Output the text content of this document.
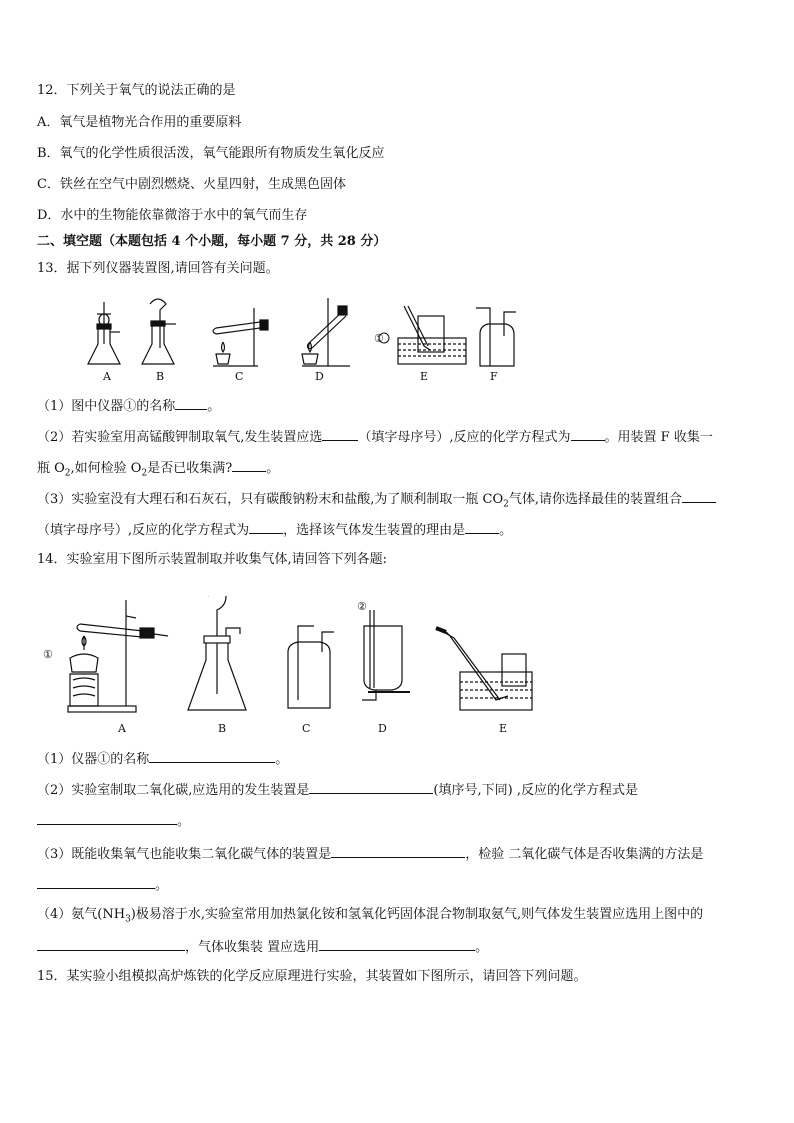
12．下列关于氧气的说法正确的是
A．氧气是植物光合作用的重要原料
B．氧气的化学性质很活泼，氧气能跟所有物质发生氧化反应
C．铁丝在空气中剧烈燃烧、火星四射，生成黑色固体
D．水中的生物能依靠微溶于水中的氧气而生存
二、填空题（本题包括 4 个小题，每小题 7 分，共 28 分）
13．据下列仪器装置图,请回答有关问题。
①
A	B	C	D	E	F
（1）图中仪器①的名称 。
（2）若实验室用高锰酸钾制取氧气,发生装置应选	（填字母序号）,反应的化学方程式为	。用装置 F 收集一
瓶 $O_2$,如何检验 $O_2$是否已收集满?	。
（3）实验室没有大理石和石灰石，只有碳酸钠粉末和盐酸,为了顺利制取一瓶 $CO_2$气体,请你选择最佳的装置组合
（填字母序号）,反应的化学方程式为	，选择该气体发生装置的理由是	。
14．实验室用下图所示装置制取并收集气体,请回答下列各题:
①
②
A	B	C	D	E
（1）仪器①的名称	。
（2）实验室制取二氧化碳,应选用的发生装置是	(填序号,下同) ,反应的化学方程式是
。
（3）既能收集氧气也能收集二氧化碳气体的装置是	，检验 二氧化碳气体是否收集满的方法是
。
（4）氨气$(NH_3)$极易溶于水,实验室常用加热氯化铵和氢氧化钙固体混合物制取氨气,则气体发生装置应选用上图中的
，气体收集装 置应选用	。
15．某实验小组模拟高炉炼铁的化学反应原理进行实验，其装置如下图所示，请回答下列问题。
